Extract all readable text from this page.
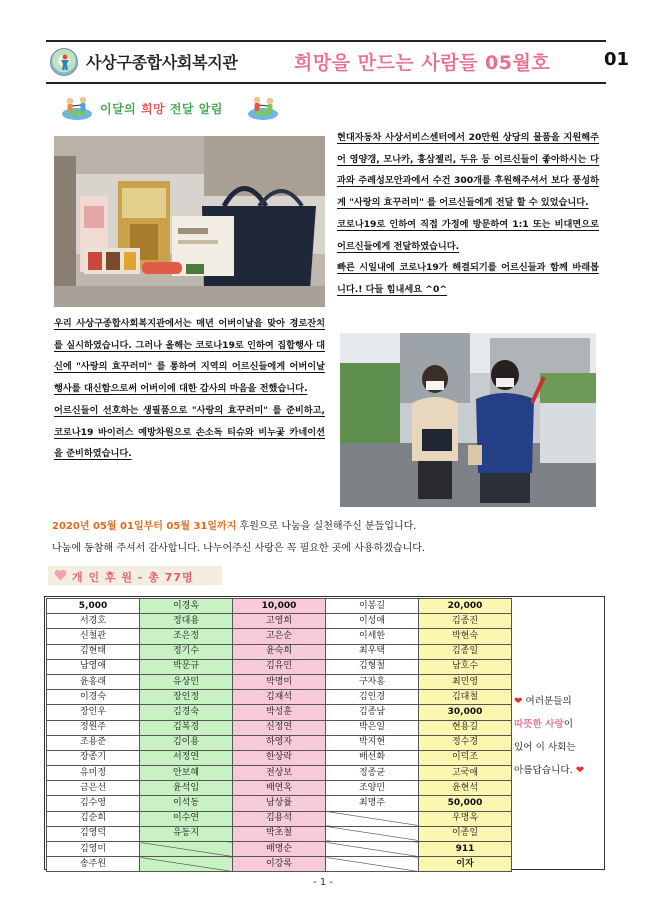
사상구종합사회복지관	희망을 만드는 사람들 05월호	01
이달의 희망 전달 알림

현대자동차 사상서비스센터에서 20만원 상당의 물품을 지원해주어 영양갱, 모나카, 홍삼젤리, 두유 등 어르신들이 좋아하시는 다과와 주례성모안과에서 수건 300개를 후원해주셔서 보다 풍성하게 "사랑의 효꾸러미" 를 어르신들에게 전달 할 수 있었습니다.

코로나19로 인하여 직접 가정에 방문하여 1:1 또는 비대면으로 어르신들에게 전달하였습니다.

빠른 시일내에 코로나19가 해결되기를 어르신들과 함께 바래봅니다.! 다들 힘내세요 ^0^

우리 사상구종합사회복지관에서는 매년 어버이날을 맞아 경로잔치를 실시하였습니다. 그러나 올해는 코로나19로 인하여 집합행사 대신에 "사랑의 효꾸러미" 를 통하여 지역의 어르신들에게 어버이날 행사를 대신함으로써 어버이에 대한 감사의 마음을 전했습니다.

어르신들이 선호하는 생필품으로 "사랑의 효꾸러미" 를 준비하고, 코로나19 바이러스 예방차원으로 손소독 티슈와 비누곷 카네이션을 준비하였습니다.

2020년 05월 01일부터 05월 31일까지 후원으로 나눔을 실천해주신 분들입니다.
나눔에 동참해 주셔서 감사합니다. 나누어주신 사랑은 꼭 필요한 곳에 사용하겠습니다.
개 인 후 원 - 총 77명
5,000	이경옥	10,000	이봉길	20,000
서경호	정대용	고영희	이성애	김종진
신철관	조은정	고은순	이세한	박현숙
김현태	정기수	윤숙희	최우택	김종일
남영애	박문규	김유민	김형철	남호수
윤홍래	유상민	박명미	구자홍	최민영
이경숙	장인정	김재석	김인경	김대철
장인우	김경숙	박성훈	김종남	30,000
정원주	김복경	신정연	박은일	현용길
조용준	김이용	하영자	박지현	정수경
장종기	서정연	한상락	배선화	이덕조
유미정	안보혜	전상보	정종균	고국애
금은선	윤석임	배연옥	조양민	윤현석
김수영	이석동	남상률	최명주	50,000
김순희	이수연	김용석		우명옥
김영덕	유동지	박초철		이종일
김영미		배명순		911
송주원		이강록		이자
❤ 여러분들의
따뜻한 사랑이
있어 이 사회는
아름답습니다. ❤
- 1 -
